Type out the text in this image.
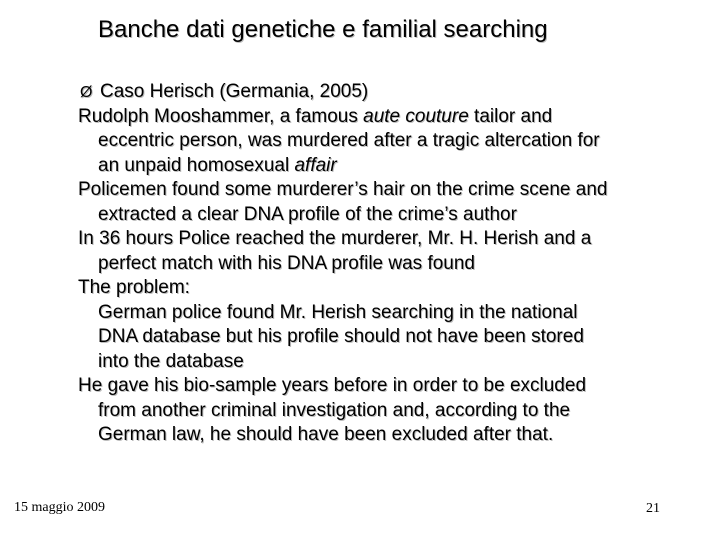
Banche dati genetiche e familial searching
Ø Caso Herisch (Germania, 2005)
Rudolph Mooshammer, a famous aute couture tailor and
eccentric person, was murdered after a tragic altercation for
an unpaid homosexual affair
Policemen found some murderer’s hair on the crime scene and
extracted a clear DNA profile of the crime’s author
In 36 hours Police reached the murderer, Mr. H. Herish and a
perfect match with his DNA profile was found
The problem:
German police found Mr. Herish searching in the national
DNA database but his profile should not have been stored
into the database
He gave his bio-sample years before in order to be excluded
from another criminal investigation and, according to the
German law, he should have been excluded after that.
15 maggio 2009	21
